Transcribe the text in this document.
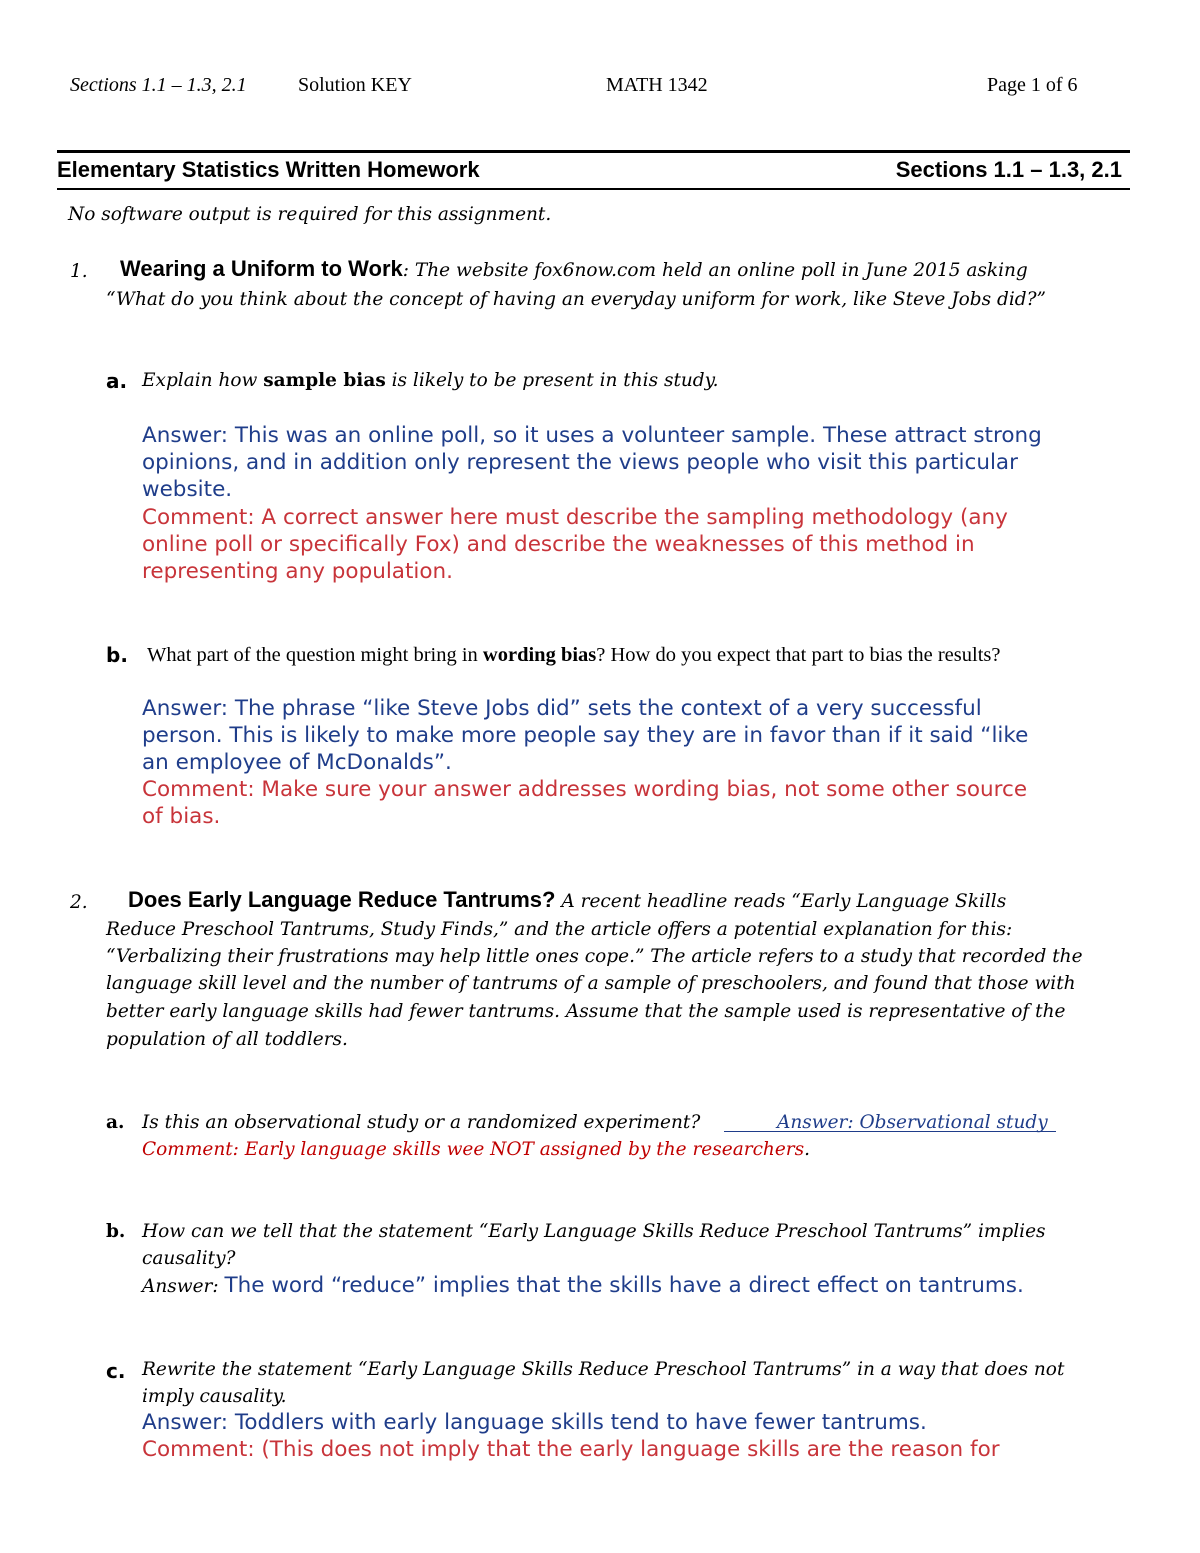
Sections 1.1 – 1.3, 2.1	Solution KEY	MATH 1342	Page 1 of 6
Elementary Statistics Written Homework	Sections 1.1 – 1.3, 2.1
No software output is required for this assignment.
1. Wearing a Uniform to Work: The website fox6now.com held an online poll in June 2015 asking
“What do you think about the concept of having an everyday uniform for work, like Steve Jobs did?”
a. Explain how sample bias is likely to be present in this study.
Answer: This was an online poll, so it uses a volunteer sample. These attract strong
opinions, and in addition only represent the views people who visit this particular
website.
Comment: A correct answer here must describe the sampling methodology (any
online poll or specifically Fox) and describe the weaknesses of this method in
representing any population.
b. What part of the question might bring in wording bias? How do you expect that part to bias the results?
Answer: The phrase “like Steve Jobs did” sets the context of a very successful
person. This is likely to make more people say they are in favor than if it said “like
an employee of McDonalds”.
Comment: Make sure your answer addresses wording bias, not some other source
of bias.
2. Does Early Language Reduce Tantrums? A recent headline reads “Early Language Skills
Reduce Preschool Tantrums, Study Finds,” and the article offers a potential explanation for this:
“Verbalizing their frustrations may help little ones cope.” The article refers to a study that recorded the
language skill level and the number of tantrums of a sample of preschoolers, and found that those with
better early language skills had fewer tantrums. Assume that the sample used is representative of the
population of all toddlers.
a. Is this an observational study or a randomized experiment?	Answer: Observational study
Comment: Early language skills wee NOT assigned by the researchers.
b. How can we tell that the statement “Early Language Skills Reduce Preschool Tantrums” implies
causality?
Answer: The word “reduce” implies that the skills have a direct effect on tantrums.
c. Rewrite the statement “Early Language Skills Reduce Preschool Tantrums” in a way that does not
imply causality.
Answer: Toddlers with early language skills tend to have fewer tantrums.
Comment: (This does not imply that the early language skills are the reason for
